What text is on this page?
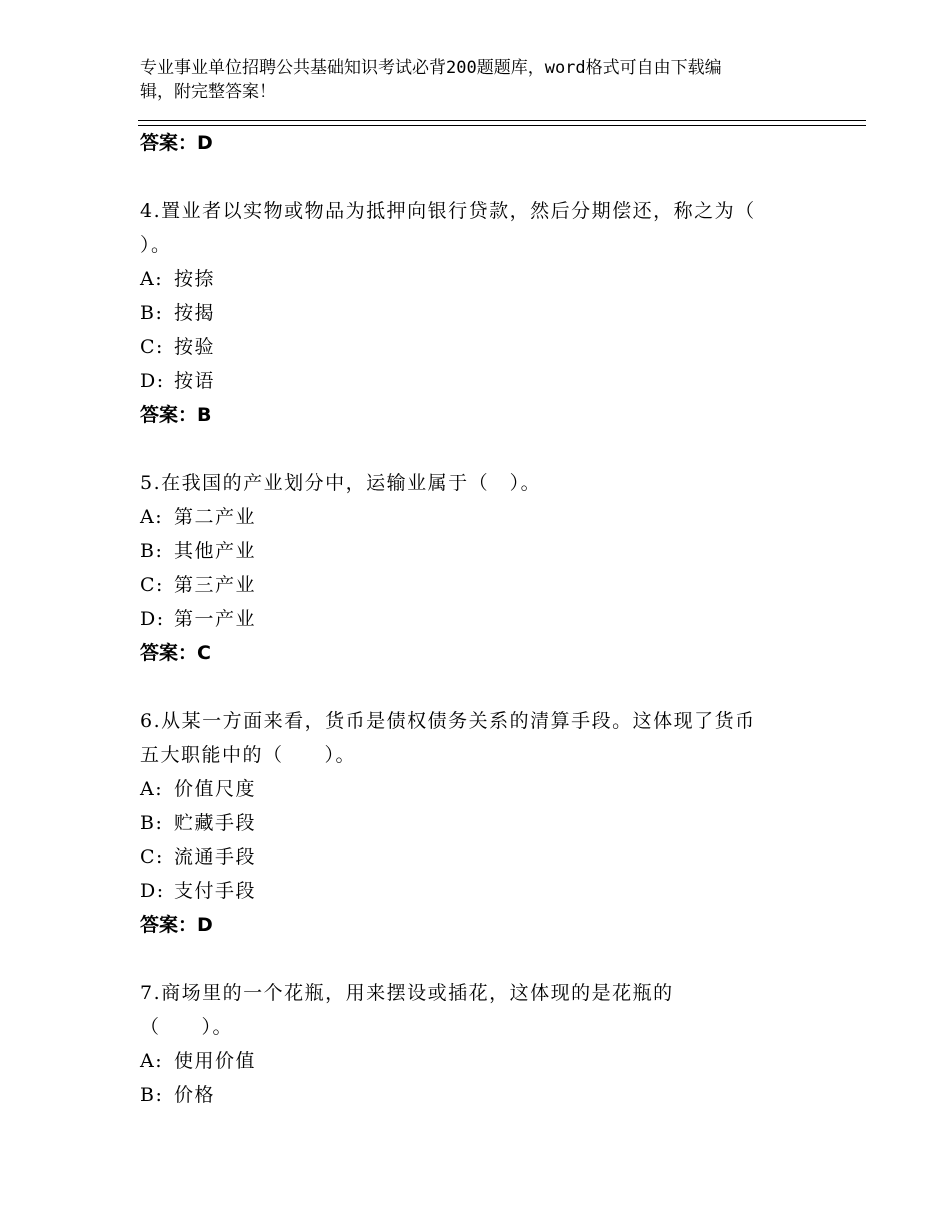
专业事业单位招聘公共基础知识考试必背200题题库，word格式可自由下载编
辑，附完整答案！
答案：D
4.置业者以实物或物品为抵押向银行贷款，然后分期偿还，称之为（
）。
A: 按捺
B: 按揭
C: 按验
D: 按语
答案：B
5.在我国的产业划分中，运输业属于（　）。
A: 第二产业
B: 其他产业
C: 第三产业
D: 第一产业
答案：C
6.从某一方面来看，货币是债权债务关系的清算手段。这体现了货币
五大职能中的（　　）。
A: 价值尺度
B: 贮藏手段
C: 流通手段
D: 支付手段
答案：D
7.商场里的一个花瓶，用来摆设或插花，这体现的是花瓶的
（　　）。
A: 使用价值
B: 价格
